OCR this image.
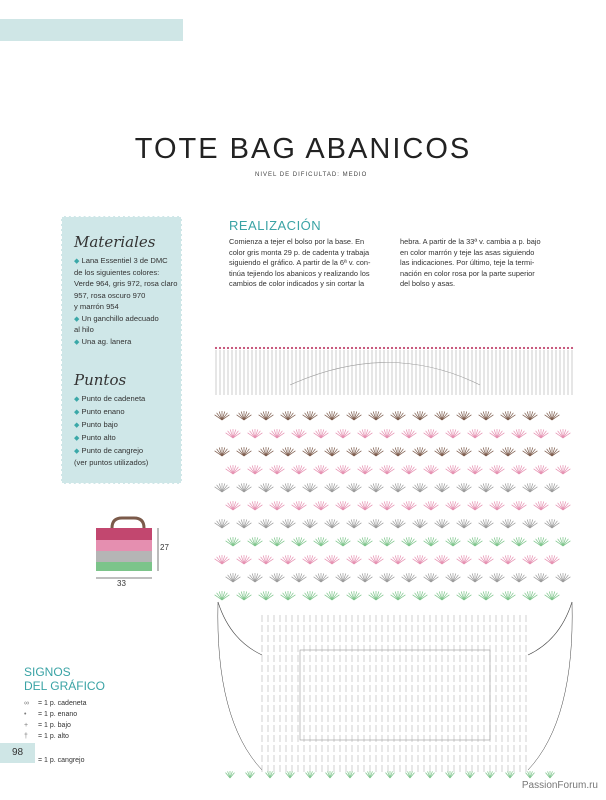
TOTE BAG ABANICOS
NIVEL DE DIFICULTAD: MEDIO
Materiales
◆ Lana Essentiel 3 de DMC
de los siguientes colores:
Verde 964, gris 972, rosa claro
957, rosa oscuro 970
y marrón 954
◆ Un ganchillo adecuado
al hilo
◆ Una ag. lanera
Puntos
◆ Punto de cadeneta
◆ Punto enano
◆ Punto bajo
◆ Punto alto
◆ Punto de cangrejo
(ver puntos utilizados)
27
33
REALIZACIÓN
Comienza a tejer el bolso por la base. En
color gris monta 29 p. de cadenta y trabaja
siguiendo el gráfico. A partir de la 6ª v. con-
tinúa tejiendo los abanicos y realizando los
cambios de color indicados y sin cortar la
hebra. A partir de la 33ª v. cambia a p. bajo
en color marrón y teje las asas siguiendo
las indicaciones. Por último, teje la termi-
nación en color rosa por la parte superior
del bolso y asas.
SIGNOS
DEL GRÁFICO
∞ = 1 p. cadeneta
• = 1 p. enano
+ = 1 p. bajo
† = 1 p. alto
= 1 p. cangrejo
98
PassionForum.ru
